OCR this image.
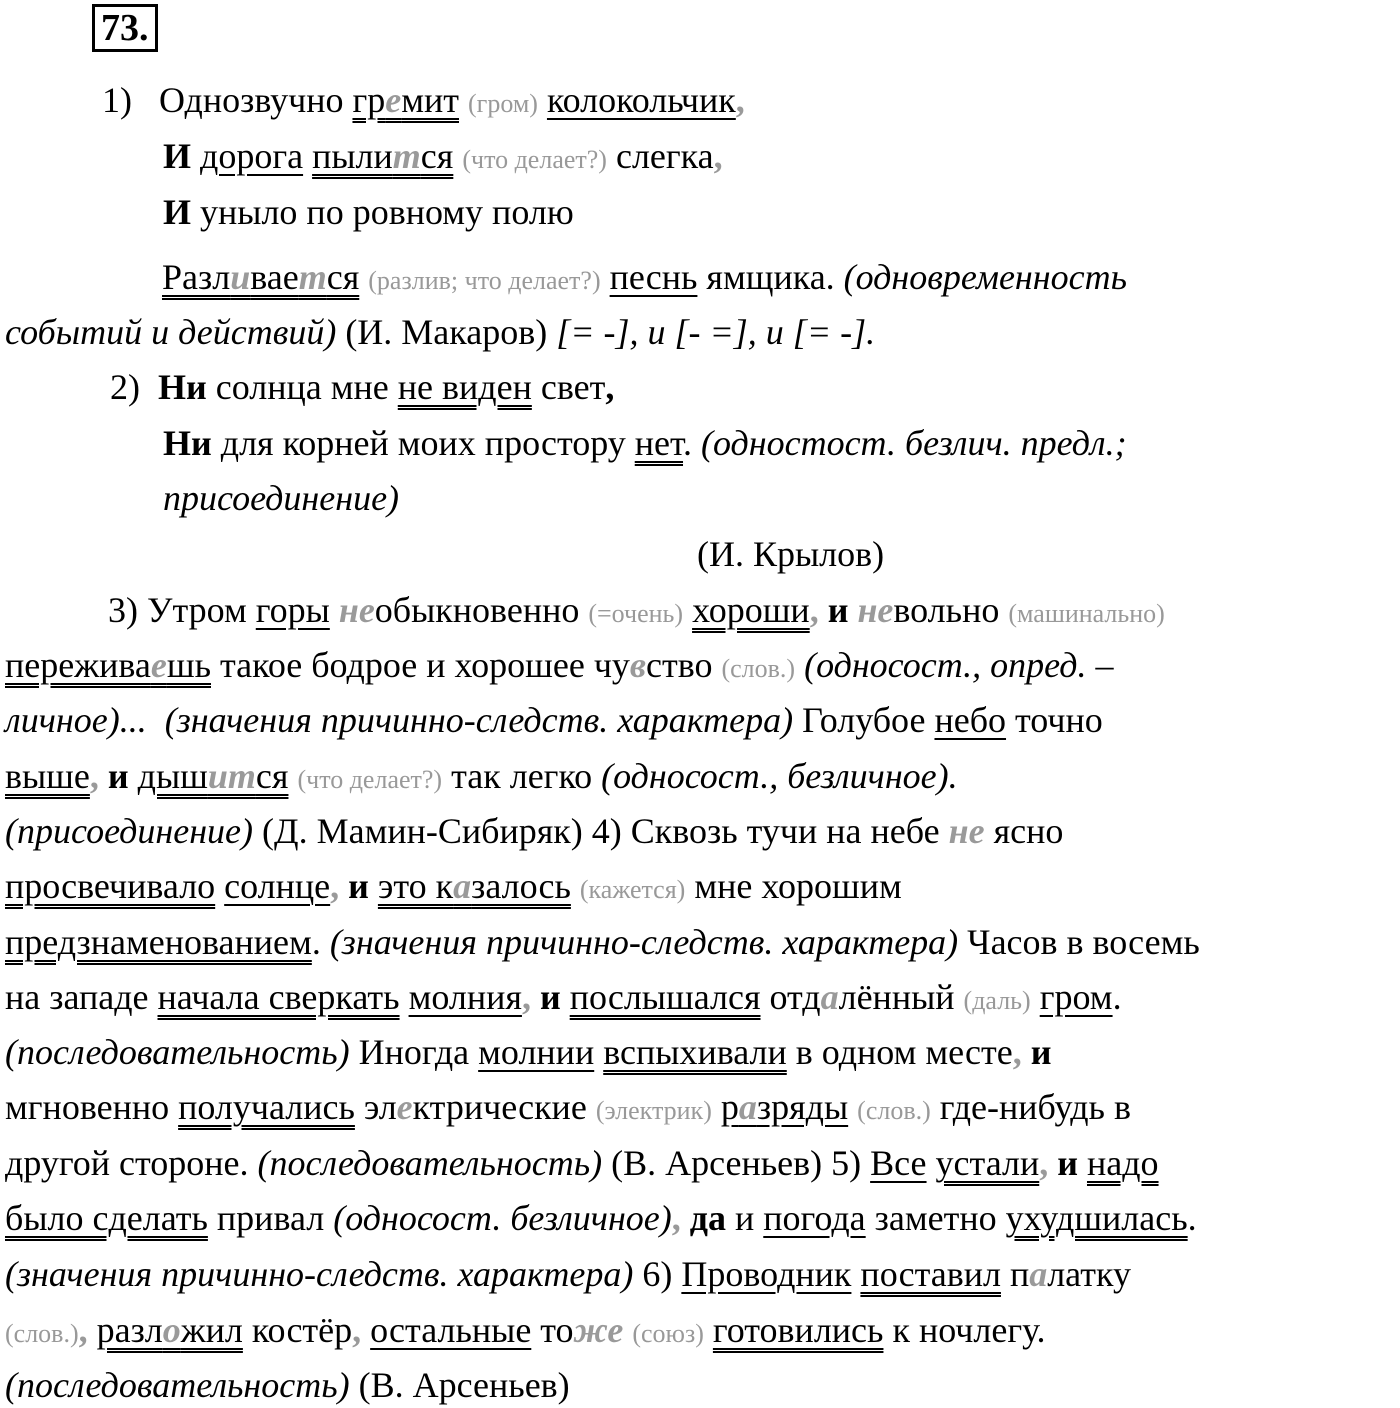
73.
1) Однозвучно гремит (гром) колокольчик,
И дорога пылится (что делает?) слегка,
И уныло по ровному полю
Разливается (разлив; что делает?) песнь ямщика. (одновременность
событий и действий) (И. Макаров) [= -], и [- =], и [= -].
2) Ни солнца мне не виден свет,
Ни для корней моих простору нет. (одностост. безлич. предл.;
присоединение)
(И. Крылов)
3) Утром горы необыкновенно (=очень) хороши, и невольно (машинально)
переживаешь такое бодрое и хорошее чувство (слов.) (односост., опред. –
личное)... (значения причинно-следств. характера) Голубое небо точно
выше, и дышится (что делает?) так легко (односост., безличное).
(присоединение) (Д. Мамин-Сибиряк) 4) Сквозь тучи на небе не ясно
просвечивало солнце, и это казалось (кажется) мне хорошим
предзнаменованием. (значения причинно-следств. характера) Часов в восемь
на западе начала сверкать молния, и послышался отдалённый (даль) гром.
(последовательность) Иногда молнии вспыхивали в одном месте, и
мгновенно получались электрические (электрик) разряды (слов.) где-нибудь в
другой стороне. (последовательность) (В. Арсеньев) 5) Все устали, и надо
было сделать привал (односост. безличное), да и погода заметно ухудшилась.
(значения причинно-следств. характера) 6) Проводник поставил палатку
(слов.), разложил костёр, остальные тоже (союз) готовились к ночлегу.
(последовательность) (В. Арсеньев)
